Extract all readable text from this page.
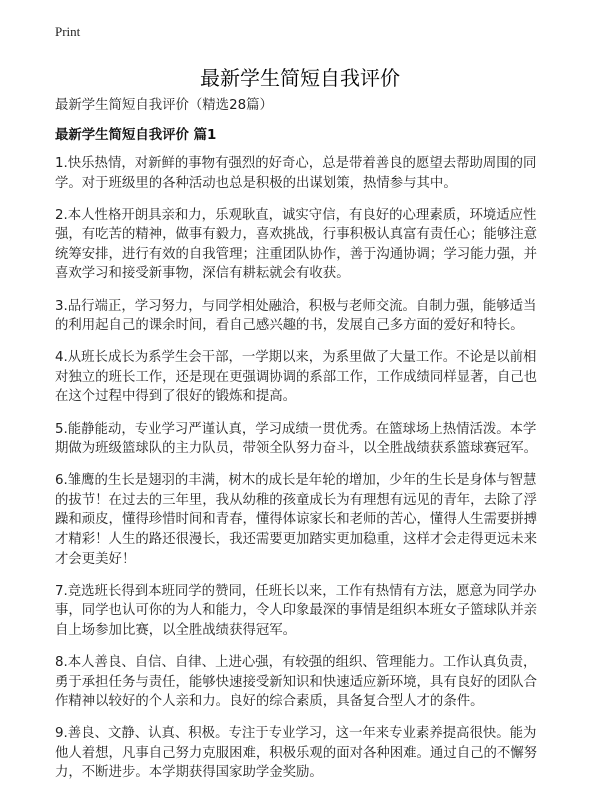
Print
最新学生简短自我评价
最新学生简短自我评价（精选28篇）
最新学生简短自我评价 篇1
1.快乐热情，对新鲜的事物有强烈的好奇心，总是带着善良的愿望去帮助周围的同
学。对于班级里的各种活动也总是积极的出谋划策，热情参与其中。
2.本人性格开朗具亲和力，乐观耿直，诚实守信，有良好的心理素质，环境适应性
强，有吃苦的精神，做事有毅力，喜欢挑战，行事积极认真富有责任心；能够注意
统筹安排，进行有效的自我管理；注重团队协作，善于沟通协调；学习能力强，并
喜欢学习和接受新事物，深信有耕耘就会有收获。
3.品行端正，学习努力，与同学相处融洽，积极与老师交流。自制力强，能够适当
的利用起自己的课余时间，看自己感兴趣的书，发展自己多方面的爱好和特长。
4.从班长成长为系学生会干部，一学期以来，为系里做了大量工作。不论是以前相
对独立的班长工作，还是现在更强调协调的系部工作，工作成绩同样显著，自己也
在这个过程中得到了很好的锻炼和提高。
5.能静能动，专业学习严谨认真，学习成绩一贯优秀。在篮球场上热情活泼。本学
期做为班级篮球队的主力队员，带领全队努力奋斗，以全胜战绩获系篮球赛冠军。
6.雏鹰的生长是翅羽的丰满，树木的成长是年轮的增加，少年的生长是身体与智慧
的拔节！在过去的三年里，我从幼稚的孩童成长为有理想有远见的青年，去除了浮
躁和顽皮，懂得珍惜时间和青春，懂得体谅家长和老师的苦心，懂得人生需要拼搏
才精彩！人生的路还很漫长，我还需要更加踏实更加稳重，这样才会走得更远未来
才会更美好！
7.竞选班长得到本班同学的赞同，任班长以来，工作有热情有方法，愿意为同学办
事，同学也认可你的为人和能力，令人印象最深的事情是组织本班女子篮球队并亲
自上场参加比赛，以全胜战绩获得冠军。
8.本人善良、自信、自律、上进心强，有较强的组织、管理能力。工作认真负责，
勇于承担任务与责任，能够快速接受新知识和快速适应新环境，具有良好的团队合
作精神以较好的个人亲和力。良好的综合素质，具备复合型人才的条件。
9.善良、文静、认真、积极。专注于专业学习，这一年来专业素养提高很快。能为
他人着想，凡事自己努力克服困难，积极乐观的面对各种困难。通过自己的不懈努
力，不断进步。本学期获得国家助学金奖励。
